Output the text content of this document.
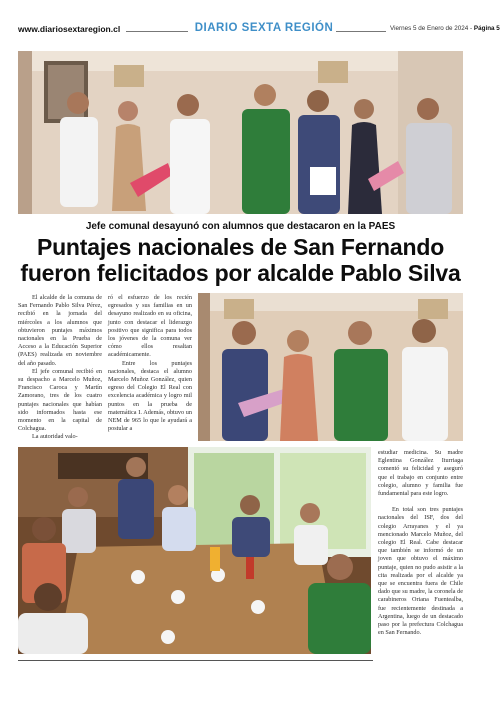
www.diariosextaregion.cl	DIARIO SEXTA REGIÓN	Viernes 5 de Enero de 2024 - Página 5
Jefe comunal desayunó con alumnos que destacaron en la PAES
Puntajes nacionales de San Fernando fueron felicitados por alcalde Pablo Silva

El alcalde de la comuna de San Fernando Pablo Silva Pérez, recibió en la jornada del miércoles a los alumnos que obtuvieron puntajes máximos nacionales en la Prueba de Acceso a la Educación Superior (PAES) realizada en noviembre del año pasado.

El jefe comunal recibió en su despacho a Marcelo Muñoz, Francisco Caroca y Martín Zamorano, tres de los cuatro puntajes nacionales que habían sido informados hasta ese momento en la capital de Colchagua.

La autoridad valo-

ró el esfuerzo de los recién egresados y sus familias en un desayuno realizado en su oficina, junto con destacar el liderazgo positivo que significa para todos los jóvenes de la comuna ver cómo ellos resaltan académicamente.

Entre los puntajes nacionales, destaca el alumno Marcelo Muñoz González, quien egreso del Colegio El Real con excelencia académica y logro mil puntos en la prueba de matemática I. Además, obtuvo un NEM de 965 lo que le ayudará a postular a

estudiar medicina. Su madre Eglentina González Iturriaga comentó su felicidad y aseguró que el trabajo en conjunto entre colegio, alumno y familia fue fundamental para este logro.

En total son tres puntajes nacionales del ISF, dos del colegio Arrayanes y el ya mencionado Marcelo Muñoz, del colegio El Real. Cabe destacar que también se informó de un joven que obtuvo el máximo puntaje, quien no pudo asistir a la cita realizada por el alcalde ya que se encuentra fuera de Chile dado que su madre, la coronela de carabineros Oriana Fuentealba, fue recientemente destinada a Argentina, luego de un destacado paso por la prefectura Colchagua en San Fernando.
